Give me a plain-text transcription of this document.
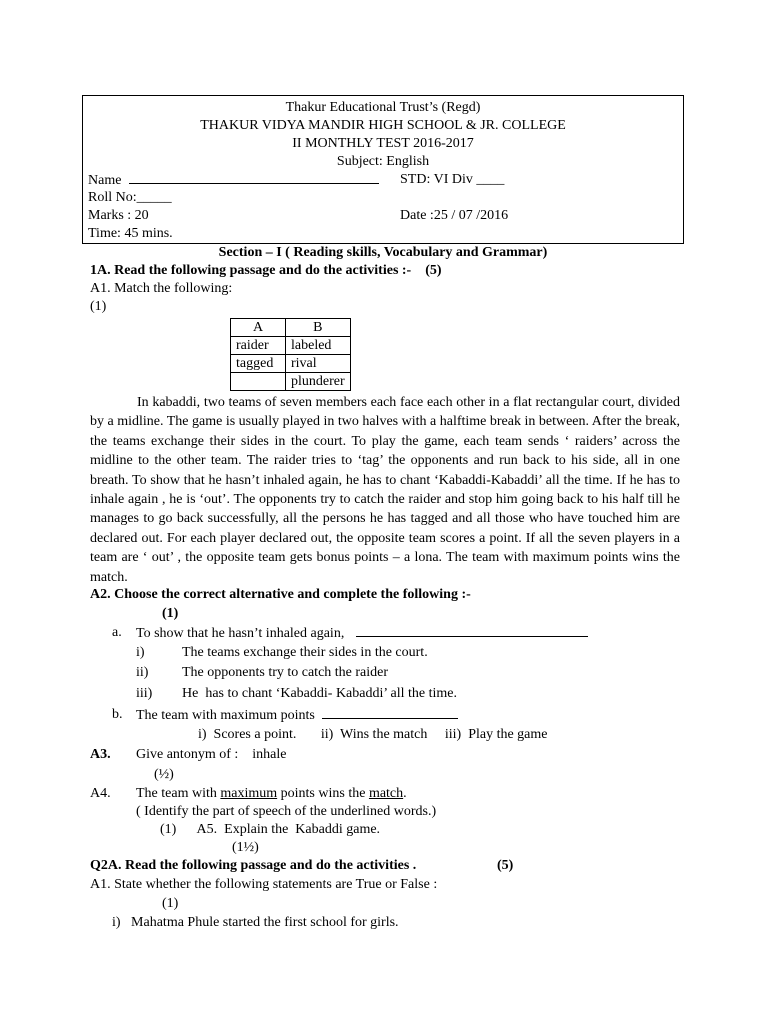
Thakur Educational Trust’s (Regd)
THAKUR VIDYA MANDIR HIGH SCHOOL & JR. COLLEGE
II MONTHLY TEST 2016-2017
Subject: English
Name	STD: VI Div ____
Roll No:_____
Marks : 20	Date :25 / 07 /2016
Time: 45 mins.
Section – I ( Reading skills, Vocabulary and Grammar)
1A. Read the following passage and do the activities :-    (5)
A1. Match the following:
(1)
A	B
raider	labeled
tagged	rival
	plunderer
In kabaddi, two teams of seven members each face each other in a flat rectangular court, divided by a midline. The game is usually played in two halves with a halftime break in between. After the break, the teams exchange their sides in the court. To play the game, each team sends ‘ raiders’ across the midline to the other team. The raider tries to ‘tag’ the opponents and run back to his side, all in one breath. To show that he hasn’t inhaled again, he has to chant ‘Kabaddi-Kabaddi’ all the time. If he has to inhale again , he is ‘out’. The opponents try to catch the raider and stop him going back to his half till he manages to go back successfully, all the persons he has tagged and all those who have touched him are declared out. For each player declared out, the opposite team scores a point. If all the seven players in a team are ‘ out’ , the opposite team gets bonus points – a lona. The team with maximum points wins the match.
A2. Choose the correct alternative and complete the following :-
(1)
a. To show that he hasn’t inhaled again,
i)	The teams exchange their sides in the court.
ii) The opponents try to catch the raider
iii) He  has to chant ‘Kabaddi- Kabaddi’ all the time.
b. The team with maximum points
i)  Scores a point.       ii)  Wins the match     iii)  Play the game
A3. Give antonym of :    inhale
(½)
A4. The team with maximum points wins the match.
( Identify the part of speech of the underlined words.)
(1)      A5.  Explain the  Kabaddi game.
(1½)
Q2A. Read the following passage and do the activities .	(5)
A1. State whether the following statements are True or False :
(1)
i)   Mahatma Phule started the first school for girls.
